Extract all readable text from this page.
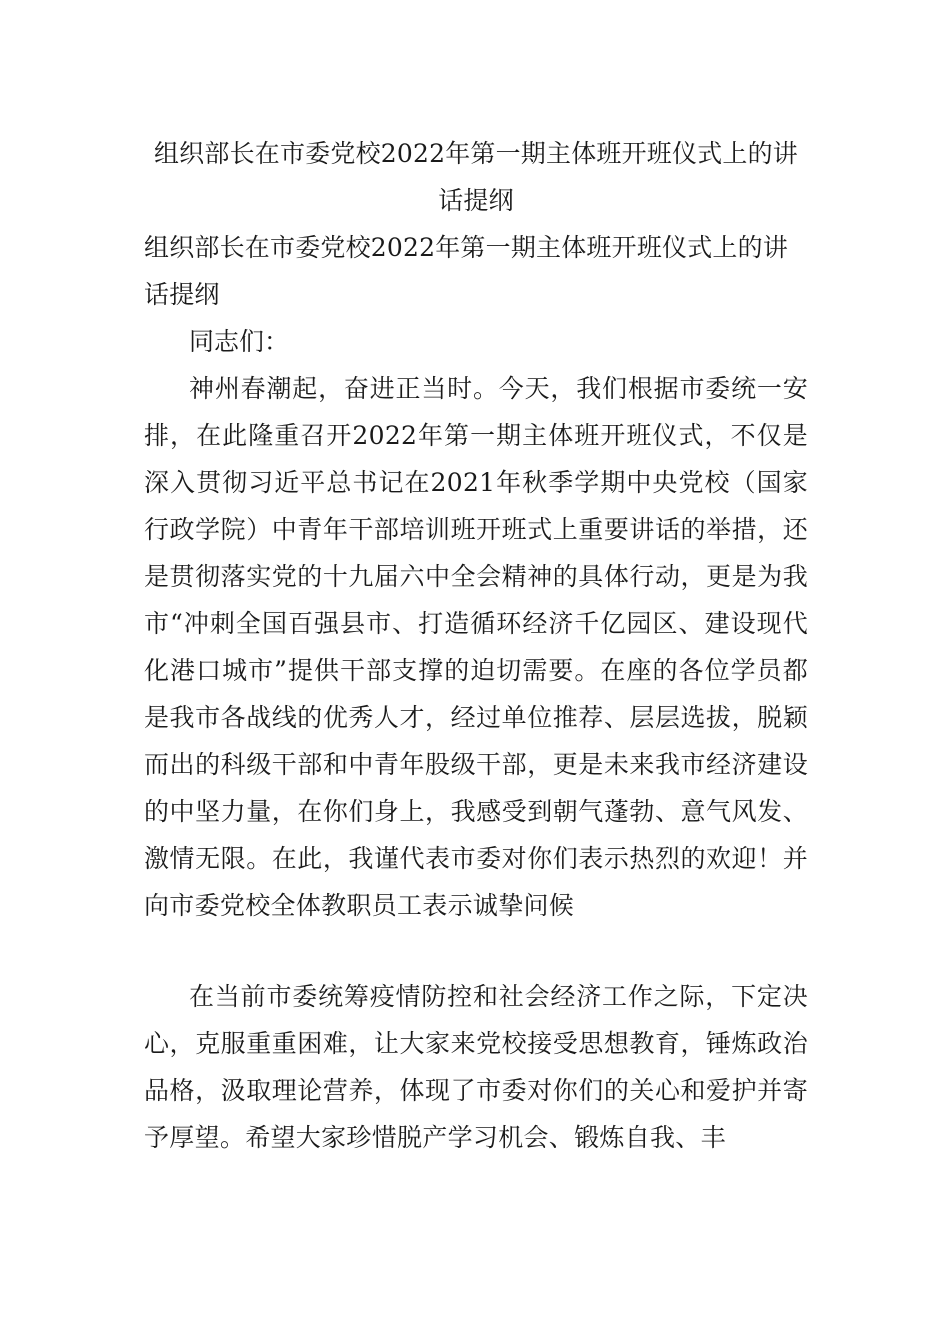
组织部长在市委党校2022年第一期主体班开班仪式上的讲话提纲

组织部长在市委党校2022年第一期主体班开班仪式上的讲话提纲

同志们：

神州春潮起，奋进正当时。今天，我们根据市委统一安排，在此隆重召开2022年第一期主体班开班仪式，不仅是深入贯彻习近平总书记在2021年秋季学期中央党校（国家行政学院）中青年干部培训班开班式上重要讲话的举措，还是贯彻落实党的十九届六中全会精神的具体行动，更是为我市“冲刺全国百强县市、打造循环经济千亿园区、建设现代化港口城市”提供干部支撑的迫切需要。在座的各位学员都是我市各战线的优秀人才，经过单位推荐、层层选拔，脱颖而出的科级干部和中青年股级干部，更是未来我市经济建设的中坚力量，在你们身上，我感受到朝气蓬勃、意气风发、激情无限。在此，我谨代表市委对你们表示热烈的欢迎！并向市委党校全体教职员工表示诚挚问候

在当前市委统筹疫情防控和社会经济工作之际，下定决心，克服重重困难，让大家来党校接受思想教育，锤炼政治品格，汲取理论营养，体现了市委对你们的关心和爱护并寄予厚望。希望大家珍惜脱产学习机会、锻炼自我、丰
